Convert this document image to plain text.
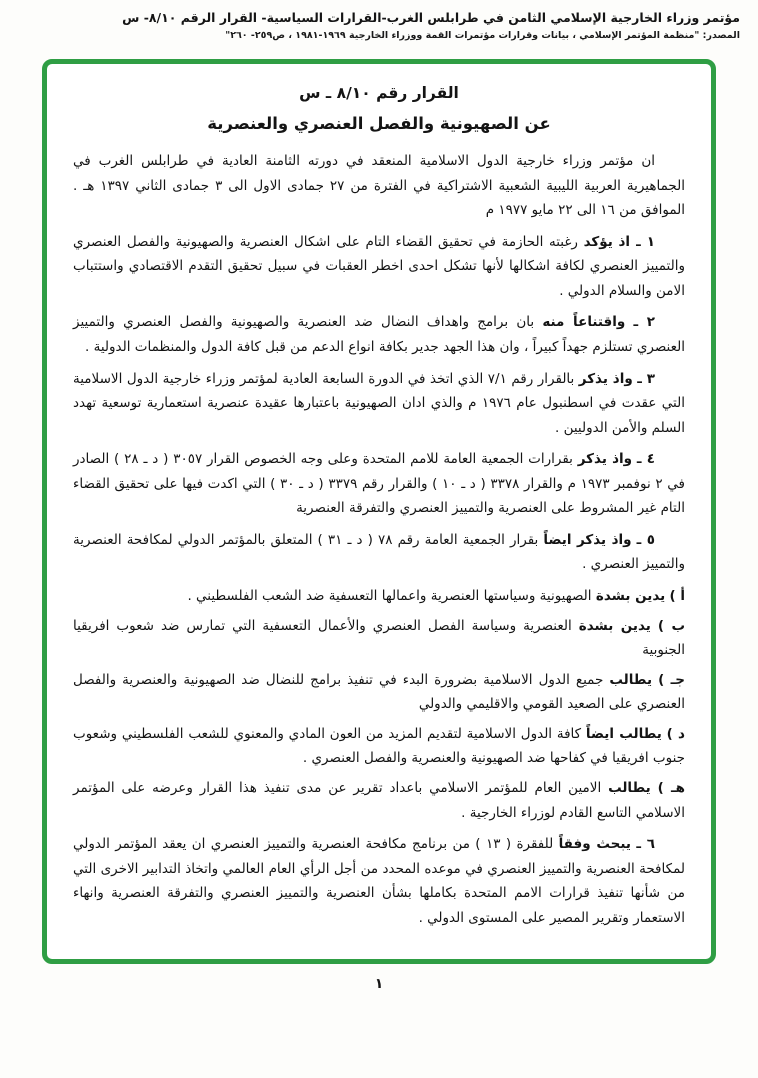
مؤتمر وزراء الخارجية الإسلامي الثامن في طرابلس الغرب-القرارات السياسية- القرار الرقم ٨/١٠- س
المصدر: "منظمة المؤتمر الإسلامي ، بيانات وقرارات مؤتمرات القمة ووزراء الخارجية ١٩٦٩-١٩٨١ ، ص٢٥٩- ٢٦٠"
القرار رقم ٨/١٠ ـ س
عن الصهيونية والفصل العنصري والعنصرية

ان مؤتمر وزراء خارجية الدول الاسلامية المنعقد في دورته الثامنة العادية في طرابلس الغرب في الجماهيرية العربية الليبية الشعبية الاشتراكية في الفترة من ٢٧ جمادى الاول الى ٣ جمادى الثاني ١٣٩٧ هـ . الموافق من ١٦ الى ٢٢ مايو ١٩٧٧ م

١ ـ اذ يؤكد رغبته الحازمة في تحقيق القضاء التام على اشكال العنصرية والصهيونية والفصل العنصري والتمييز العنصري لكافة اشكالها لأنها تشكل احدى اخطر العقبات في سبيل تحقيق التقدم الاقتصادي واستتباب الامن والسلام الدولي .

٢ ـ واقتناعاً منه بان برامج واهداف النضال ضد العنصرية والصهيونية والفصل العنصري والتمييز العنصري تستلزم جهداً كبيراً ، وان هذا الجهد جدير بكافة انواع الدعم من قبل كافة الدول والمنظمات الدولية .

٣ ـ واذ يذكر بالقرار رقم ٧/١ الذي اتخذ في الدورة السابعة العادية لمؤتمر وزراء خارجية الدول الاسلامية التي عقدت في اسطنبول عام ١٩٧٦ م والذي ادان الصهيونية باعتبارها عقيدة عنصرية استعمارية توسعية تهدد السلم والأمن الدوليين .

٤ ـ واذ يذكر بقرارات الجمعية العامة للامم المتحدة وعلى وجه الخصوص القرار ٣٠٥٧ ( د ـ ٢٨ ) الصادر في ٢ نوفمبر ١٩٧٣ م والقرار ٣٣٧٨ ( د ـ ١٠ ) والقرار رقم ٣٣٧٩ ( د ـ ٣٠ ) التي اكدت فيها على تحقيق القضاء التام غير المشروط على العنصرية والتمييز العنصري والتفرقة العنصرية

٥ ـ واذ يذكر ايضاً بقرار الجمعية العامة رقم ٧٨ ( د ـ ٣١ ) المتعلق بالمؤتمر الدولي لمكافحة العنصرية والتمييز العنصري .

أ ) يدين بشدة الصهيونية وسياستها العنصرية واعمالها التعسفية ضد الشعب الفلسطيني .

ب ) يدين بشدة العنصرية وسياسة الفصل العنصري والأعمال التعسفية التي تمارس ضد شعوب افريقيا الجنوبية

جـ ) يطالب جميع الدول الاسلامية بضرورة البدء في تنفيذ برامج للنضال ضد الصهيونية والعنصرية والفصل العنصري على الصعيد القومي والاقليمي والدولي

د ) يطالب ايضاً كافة الدول الاسلامية لتقديم المزيد من العون المادي والمعنوي للشعب الفلسطيني وشعوب جنوب افريقيا في كفاحها ضد الصهيونية والعنصرية والفصل العنصري .

هـ ) يطالب الامين العام للمؤتمر الاسلامي باعداد تقرير عن مدى تنفيذ هذا القرار وعرضه على المؤتمر الاسلامي التاسع القادم لوزراء الخارجية .

٦ ـ يبحث وفقاً للفقرة ( ١٣ ) من برنامج مكافحة العنصرية والتمييز العنصري ان يعقد المؤتمر الدولي لمكافحة العنصرية والتمييز العنصري في موعده المحدد من أجل الرأي العام العالمي واتخاذ التدابير الاخرى التي من شأنها تنفيذ قرارات الامم المتحدة بكاملها بشأن العنصرية والتمييز العنصري والتفرقة العنصرية وانهاء الاستعمار وتقرير المصير على المستوى الدولي .

١
